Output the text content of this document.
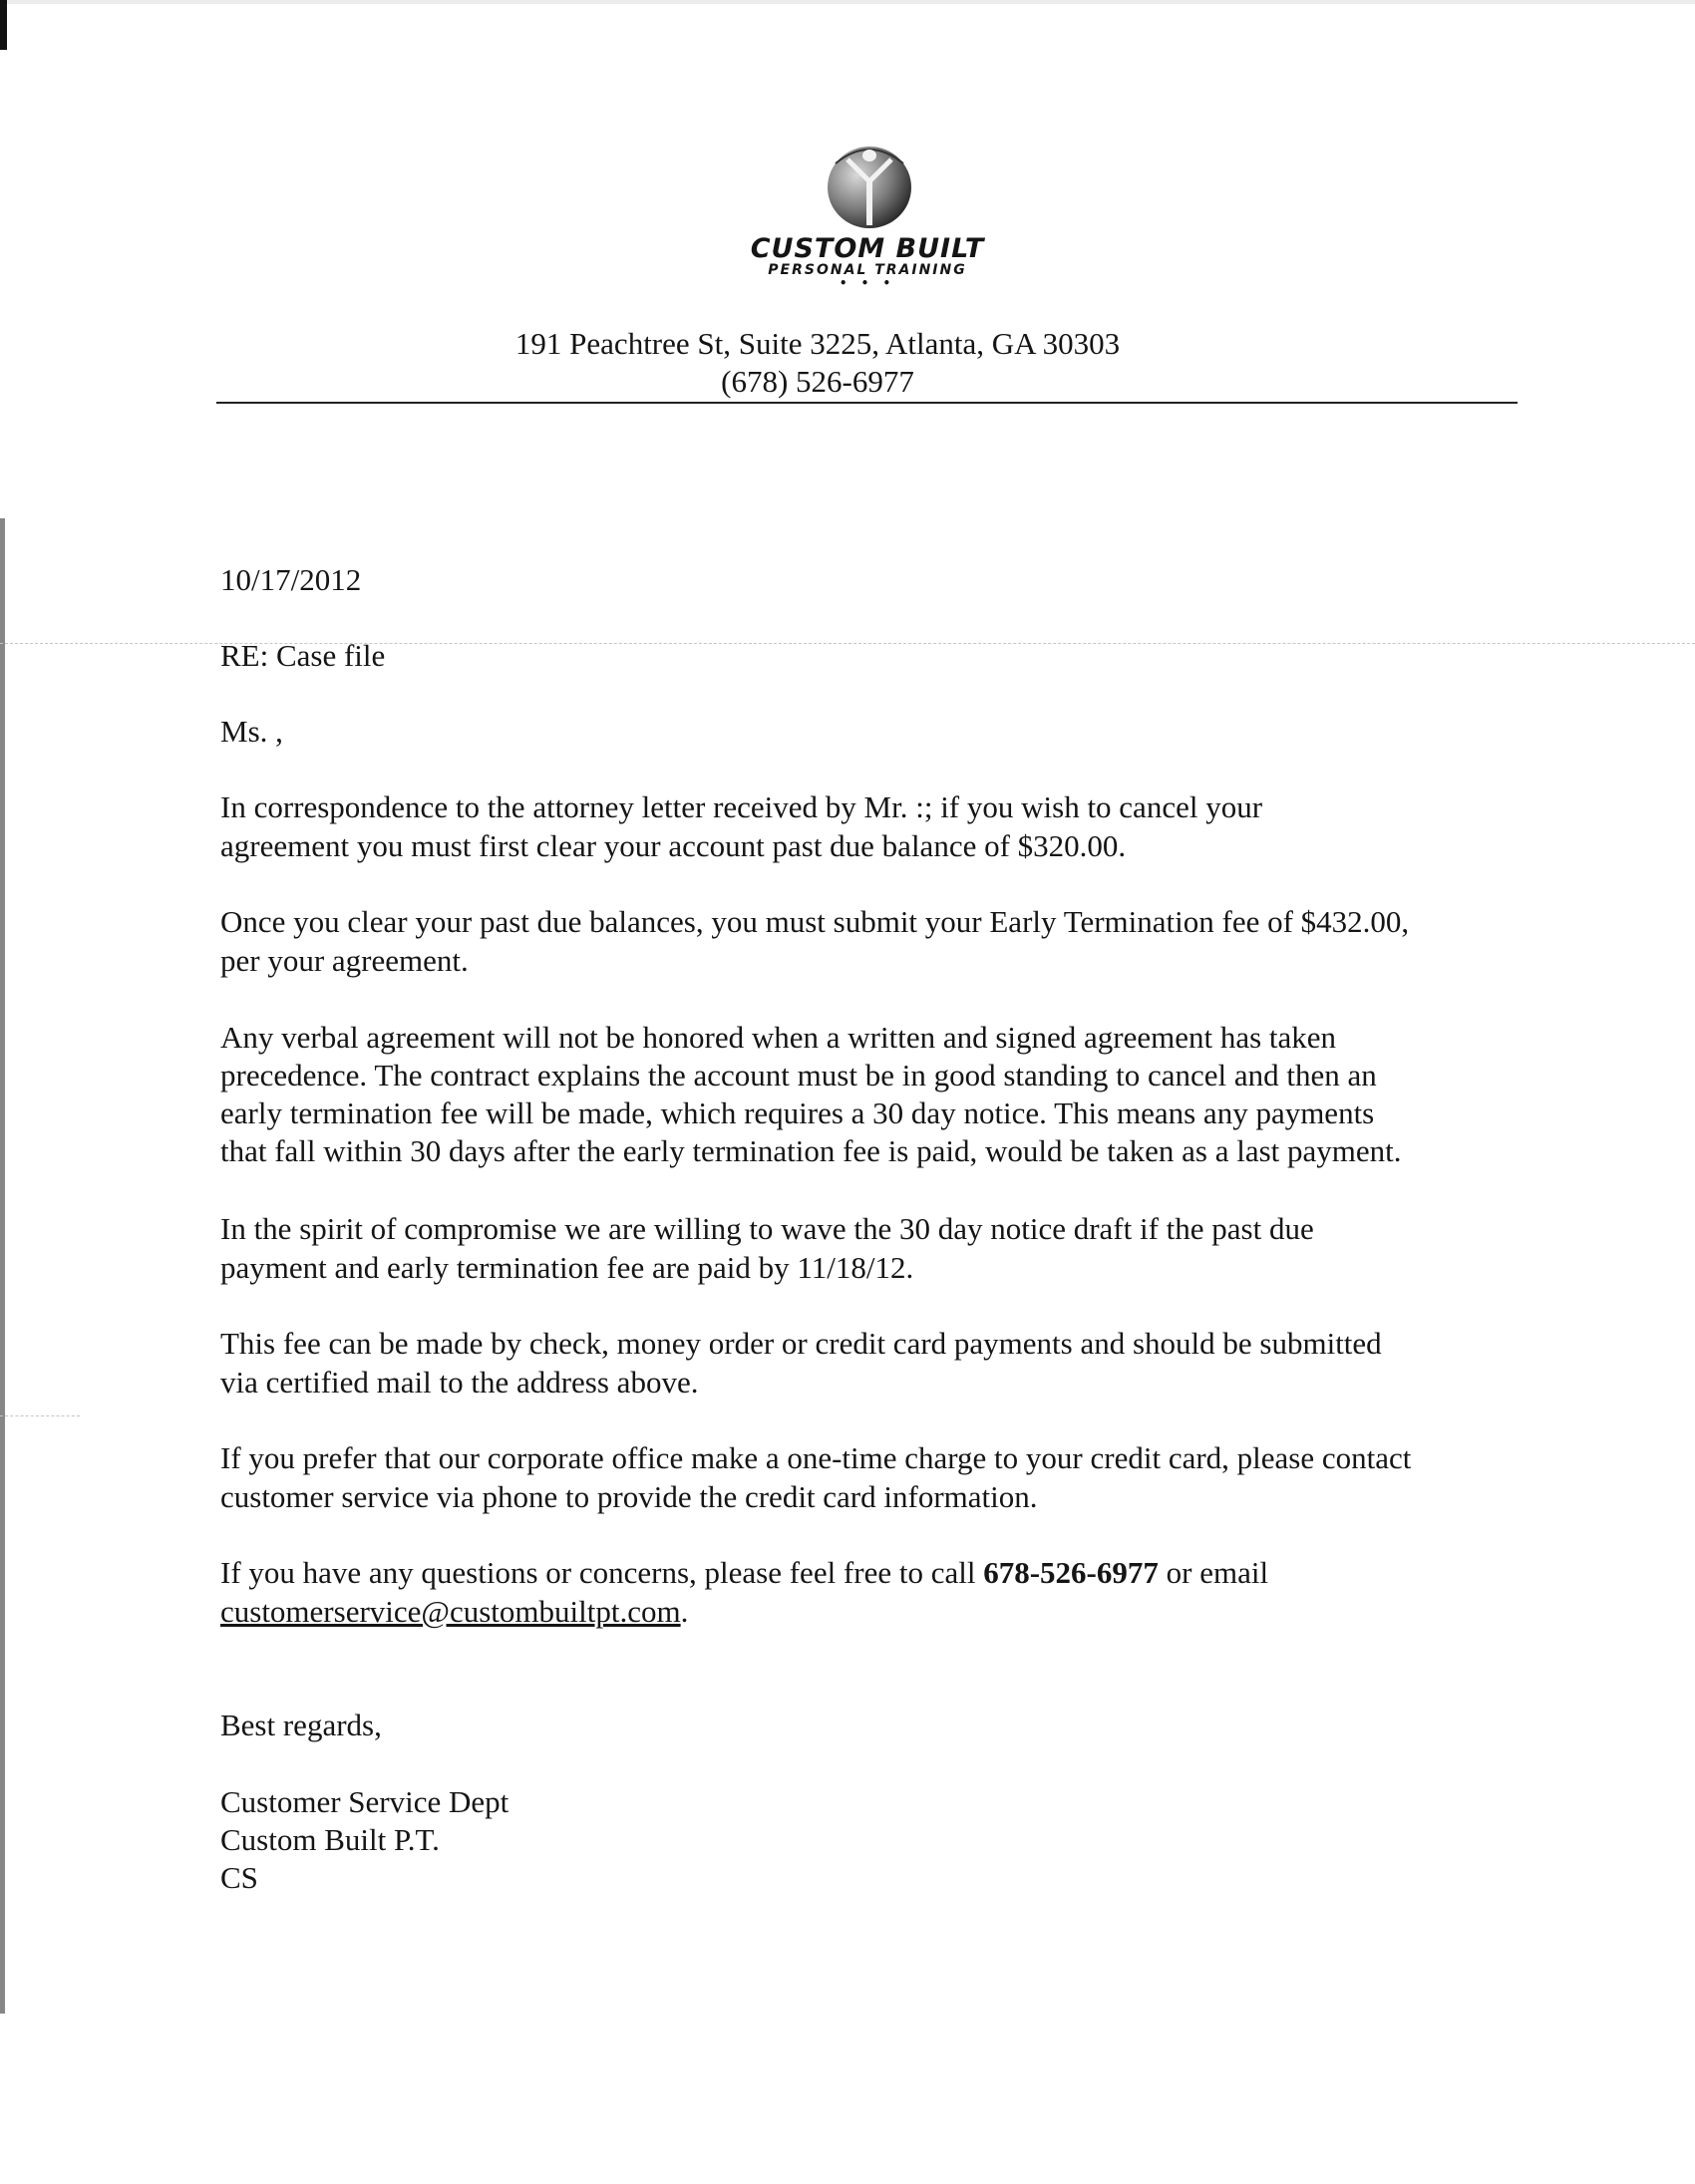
CUSTOM BUILT
PERSONAL TRAINING
• • •
191 Peachtree St, Suite 3225, Atlanta, GA 30303
(678) 526-6977
10/17/2012
RE: Case file
Ms. ,
In correspondence to the attorney letter received by Mr. :; if you wish to cancel your
agreement you must first clear your account past due balance of $320.00.
Once you clear your past due balances, you must submit your Early Termination fee of $432.00,
per your agreement.
Any verbal agreement will not be honored when a written and signed agreement has taken
precedence. The contract explains the account must be in good standing to cancel and then an
early termination fee will be made, which requires a 30 day notice. This means any payments
that fall within 30 days after the early termination fee is paid, would be taken as a last payment.
In the spirit of compromise we are willing to wave the 30 day notice draft if the past due
payment and early termination fee are paid by 11/18/12.
This fee can be made by check, money order or credit card payments and should be submitted
via certified mail to the address above.
If you prefer that our corporate office make a one-time charge to your credit card, please contact
customer service via phone to provide the credit card information.
If you have any questions or concerns, please feel free to call 678-526-6977 or email
customerservice@custombuiltpt.com.
Best regards,
Customer Service Dept
Custom Built P.T.
CS
